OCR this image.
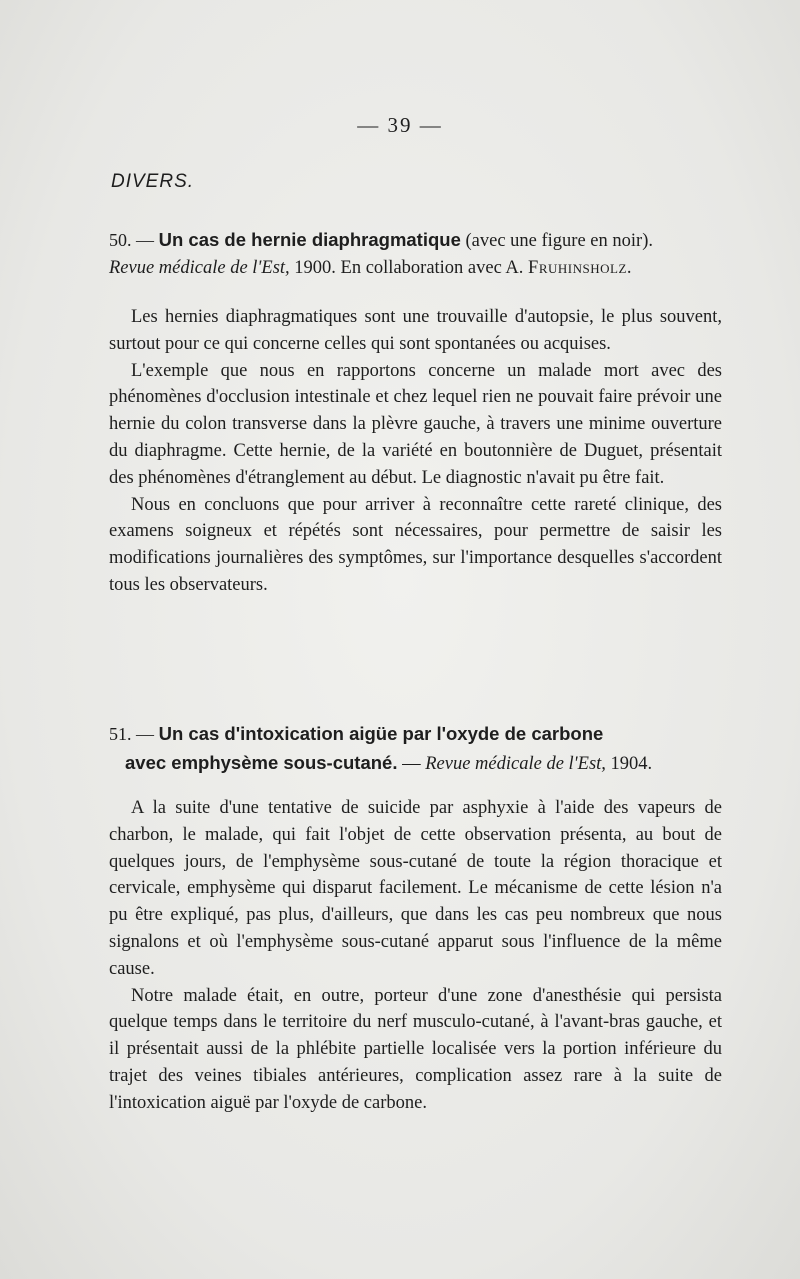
— 39 —
DIVERS.
50. — Un cas de hernie diaphragmatique (avec une figure en noir).
Revue médicale de l'Est, 1900. En collaboration avec A. Fruhinsholz.

Les hernies diaphragmatiques sont une trouvaille d'autopsie, le plus souvent, surtout pour ce qui concerne celles qui sont spontanées ou acquises.

L'exemple que nous en rapportons concerne un malade mort avec des phénomènes d'occlusion intestinale et chez lequel rien ne pouvait faire prévoir une hernie du colon transverse dans la plèvre gauche, à travers une minime ouverture du diaphragme. Cette hernie, de la variété en boutonnière de Duguet, présentait des phénomènes d'étranglement au début. Le diagnostic n'avait pu être fait.

Nous en concluons que pour arriver à reconnaître cette rareté clinique, des examens soigneux et répétés sont nécessaires, pour permettre de saisir les modifications journalières des symptômes, sur l'importance desquelles s'accordent tous les observateurs.

51. — Un cas d'intoxication aigüe par l'oxyde de carbone
avec emphysème sous-cutané. — Revue médicale de l'Est, 1904.

A la suite d'une tentative de suicide par asphyxie à l'aide des vapeurs de charbon, le malade, qui fait l'objet de cette observation présenta, au bout de quelques jours, de l'emphysème sous-cutané de toute la région thoracique et cervicale, emphysème qui disparut facilement. Le mécanisme de cette lésion n'a pu être expliqué, pas plus, d'ailleurs, que dans les cas peu nombreux que nous signalons et où l'emphysème sous-cutané apparut sous l'influence de la même cause.

Notre malade était, en outre, porteur d'une zone d'anesthésie qui persista quelque temps dans le territoire du nerf musculo-cutané, à l'avant-bras gauche, et il présentait aussi de la phlébite partielle localisée vers la portion inférieure du trajet des veines tibiales antérieures, complication assez rare à la suite de l'intoxication aiguë par l'oxyde de carbone.
